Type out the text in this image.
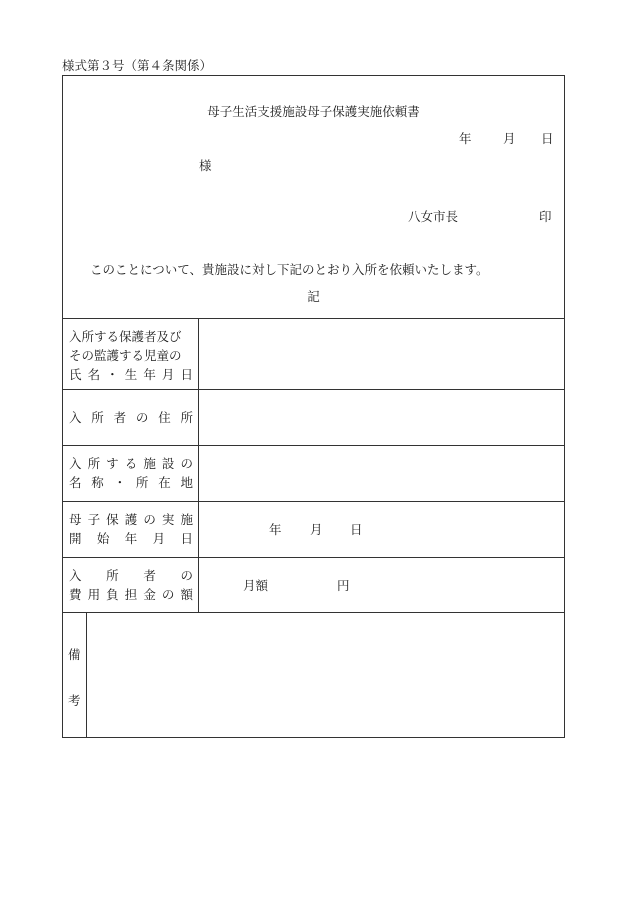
様式第３号（第４条関係）
母子生活支援施設母子保護実施依頼書
年	月 日
様
八女市長	印
このことについて、貴施設に対し下記のとおり入所を依頼いたします。
記
入所する保護者及び
その監護する児童の
氏 名 ・ 生 年 月 日
入 所 者 の 住 所
入 所 す る 施 設 の
名 称 ・ 所 在 地
母 子 保 護 の 実 施
開 始 年 月 日
年 月 日
入 所 者 の
費 用 負 担 金 の 額
月額	円
備
考
